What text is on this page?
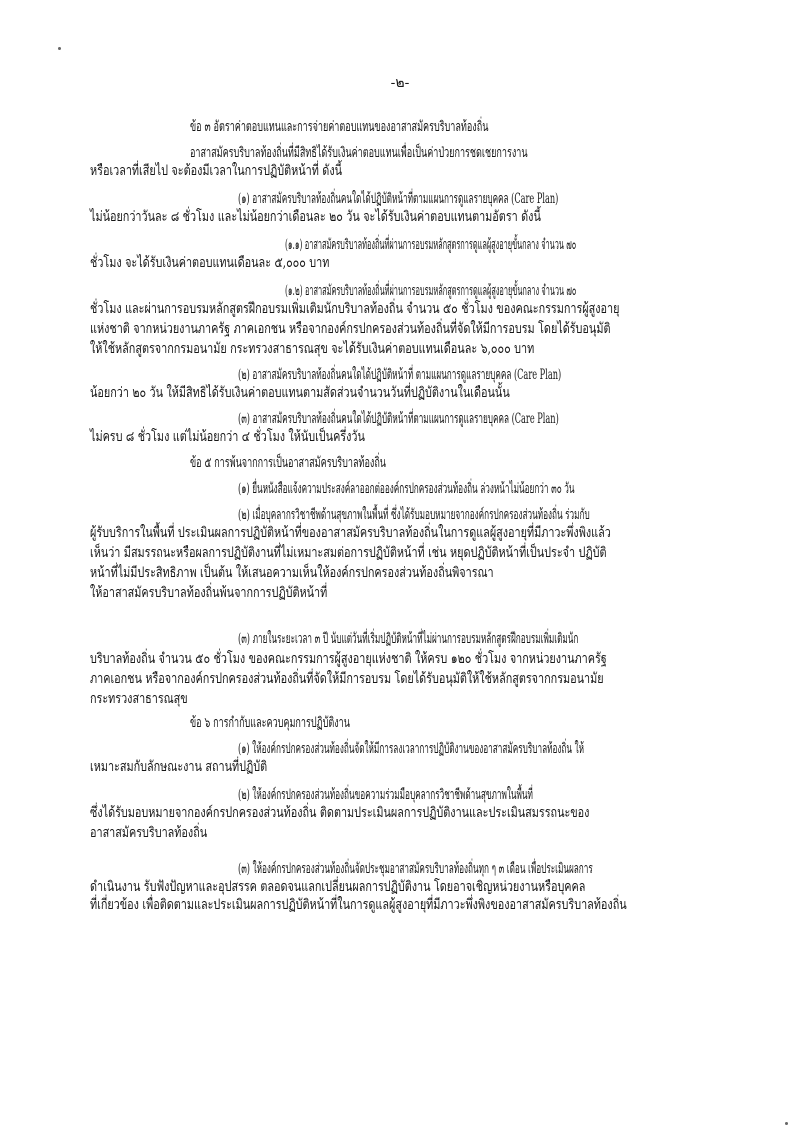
-๒-
ข้อ ๓ อัตราค่าตอบแทนและการจ่ายค่าตอบแทนของอาสาสมัครบริบาลท้องถิ่น
อาสาสมัครบริบาลท้องถิ่นที่มีสิทธิได้รับเงินค่าตอบแทนเพื่อเป็นค่าป่วยการชดเชยการงาน
หรือเวลาที่เสียไป จะต้องมีเวลาในการปฏิบัติหน้าที่ ดังนี้
(๑) อาสาสมัครบริบาลท้องถิ่นคนใดได้ปฏิบัติหน้าที่ตามแผนการดูแลรายบุคคล (Care Plan)
ไม่น้อยกว่าวันละ ๘ ชั่วโมง และไม่น้อยกว่าเดือนละ ๒๐ วัน จะได้รับเงินค่าตอบแทนตามอัตรา ดังนี้
(๑.๑) อาสาสมัครบริบาลท้องถิ่นที่ผ่านการอบรมหลักสูตรการดูแลผู้สูงอายุขั้นกลาง จำนวน ๗๐
ชั่วโมง จะได้รับเงินค่าตอบแทนเดือนละ ๕,๐๐๐ บาท
(๑.๒) อาสาสมัครบริบาลท้องถิ่นที่ผ่านการอบรมหลักสูตรการดูแลผู้สูงอายุขั้นกลาง จำนวน ๗๐
ชั่วโมง และผ่านการอบรมหลักสูตรฝึกอบรมเพิ่มเติมนักบริบาลท้องถิ่น จำนวน ๕๐ ชั่วโมง ของคณะกรรมการผู้สูงอายุ
แห่งชาติ จากหน่วยงานภาครัฐ ภาคเอกชน หรือจากองค์กรปกครองส่วนท้องถิ่นที่จัดให้มีการอบรม โดยได้รับอนุมัติ
ให้ใช้หลักสูตรจากกรมอนามัย กระทรวงสาธารณสุข จะได้รับเงินค่าตอบแทนเดือนละ ๖,๐๐๐ บาท
(๒) อาสาสมัครบริบาลท้องถิ่นคนใดได้ปฏิบัติหน้าที่ ตามแผนการดูแลรายบุคคล (Care Plan)
น้อยกว่า ๒๐ วัน ให้มีสิทธิได้รับเงินค่าตอบแทนตามสัดส่วนจำนวนวันที่ปฏิบัติงานในเดือนนั้น
(๓) อาสาสมัครบริบาลท้องถิ่นคนใดได้ปฏิบัติหน้าที่ตามแผนการดูแลรายบุคคล (Care Plan)
ไม่ครบ ๘ ชั่วโมง แต่ไม่น้อยกว่า ๔ ชั่วโมง ให้นับเป็นครึ่งวัน
ข้อ ๕ การพ้นจากการเป็นอาสาสมัครบริบาลท้องถิ่น
(๑) ยื่นหนังสือแจ้งความประสงค์ลาออกต่อองค์กรปกครองส่วนท้องถิ่น ล่วงหน้าไม่น้อยกว่า ๓๐ วัน
(๒) เมื่อบุคลากรวิชาชีพด้านสุขภาพในพื้นที่ ซึ่งได้รับมอบหมายจากองค์กรปกครองส่วนท้องถิ่น ร่วมกับ
ผู้รับบริการในพื้นที่ ประเมินผลการปฏิบัติหน้าที่ของอาสาสมัครบริบาลท้องถิ่นในการดูแลผู้สูงอายุที่มีภาวะพึ่งพิงแล้ว
เห็นว่า มีสมรรถนะหรือผลการปฏิบัติงานที่ไม่เหมาะสมต่อการปฏิบัติหน้าที่ เช่น หยุดปฏิบัติหน้าที่เป็นประจำ ปฏิบัติ
หน้าที่ไม่มีประสิทธิภาพ เป็นต้น ให้เสนอความเห็นให้องค์กรปกครองส่วนท้องถิ่นพิจารณา
ให้อาสาสมัครบริบาลท้องถิ่นพ้นจากการปฏิบัติหน้าที่
(๓) ภายในระยะเวลา ๓ ปี นับแต่วันที่เริ่มปฏิบัติหน้าที่ไม่ผ่านการอบรมหลักสูตรฝึกอบรมเพิ่มเติมนัก
บริบาลท้องถิ่น จำนวน ๕๐ ชั่วโมง ของคณะกรรมการผู้สูงอายุแห่งชาติ ให้ครบ ๑๒๐ ชั่วโมง จากหน่วยงานภาครัฐ
ภาคเอกชน หรือจากองค์กรปกครองส่วนท้องถิ่นที่จัดให้มีการอบรม โดยได้รับอนุมัติให้ใช้หลักสูตรจากกรมอนามัย
กระทรวงสาธารณสุข
ข้อ ๖ การกำกับและควบคุมการปฏิบัติงาน
(๑) ให้องค์กรปกครองส่วนท้องถิ่นจัดให้มีการลงเวลาการปฏิบัติงานของอาสาสมัครบริบาลท้องถิ่น ให้
เหมาะสมกับลักษณะงาน สถานที่ปฏิบัติ
(๒) ให้องค์กรปกครองส่วนท้องถิ่นขอความร่วมมือบุคลากรวิชาชีพด้านสุขภาพในพื้นที่
ซึ่งได้รับมอบหมายจากองค์กรปกครองส่วนท้องถิ่น ติดตามประเมินผลการปฏิบัติงานและประเมินสมรรถนะของ
อาสาสมัครบริบาลท้องถิ่น
(๓) ให้องค์กรปกครองส่วนท้องถิ่นจัดประชุมอาสาสมัครบริบาลท้องถิ่นทุก ๆ ๓ เดือน เพื่อประเมินผลการ
ดำเนินงาน รับฟังปัญหาและอุปสรรค ตลอดจนแลกเปลี่ยนผลการปฏิบัติงาน โดยอาจเชิญหน่วยงานหรือบุคคล
ที่เกี่ยวข้อง เพื่อติดตามและประเมินผลการปฏิบัติหน้าที่ในการดูแลผู้สูงอายุที่มีภาวะพึ่งพิงของอาสาสมัครบริบาลท้องถิ่น
